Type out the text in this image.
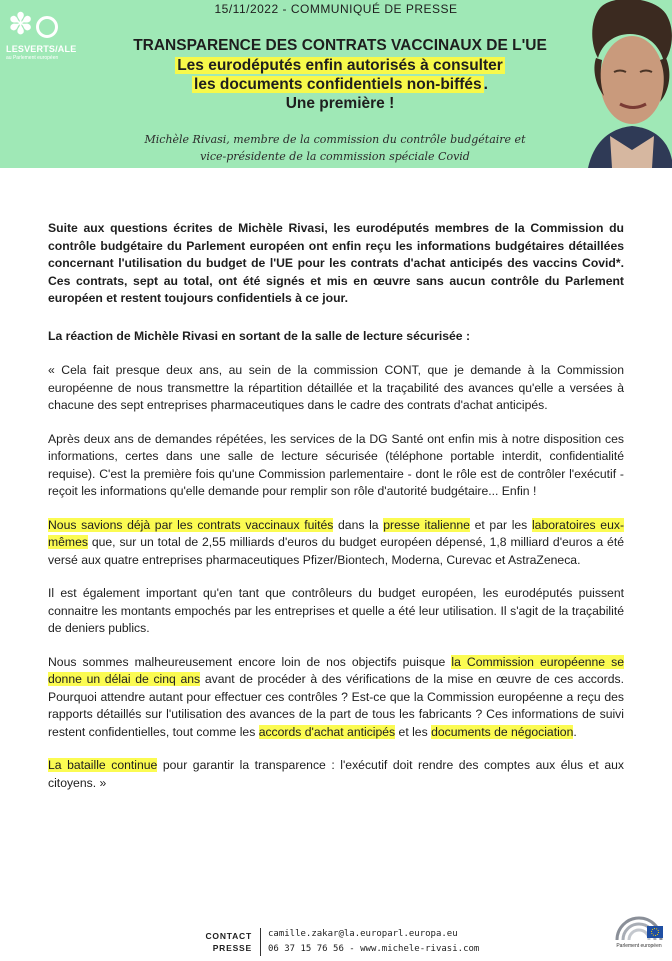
✽
LESVERTS/ALE
au Parlement européen
15/11/2022 - COMMUNIQUÉ DE PRESSE
TRANSPARENCE DES CONTRATS VACCINAUX DE L'UE
Les eurodéputés enfin autorisés à consulter
les documents confidentiels non-biffés .
Une première !
Michèle Rivasi, membre de la commission du contrôle budgétaire et
vice-présidente de la commission spéciale Covid

Suite aux questions écrites de Michèle Rivasi, les eurodéputés membres de la Commission du contrôle budgétaire du Parlement européen ont enfin reçu les informations budgétaires détaillées concernant l'utilisation du budget de l'UE pour les contrats d'achat anticipés des vaccins Covid*. Ces contrats, sept au total, ont été signés et mis en œuvre sans aucun contrôle du Parlement européen et restent toujours confidentiels à ce jour.

La réaction de Michèle Rivasi en sortant de la salle de lecture sécurisée :

« Cela fait presque deux ans, au sein de la commission CONT, que je demande à la Commission européenne de nous transmettre la répartition détaillée et la traçabilité des avances qu'elle a versées à chacune des sept entreprises pharmaceutiques dans le cadre des contrats d'achat anticipés.

Après deux ans de demandes répétées, les services de la DG Santé ont enfin mis à notre disposition ces informations, certes dans une salle de lecture sécurisée (téléphone portable interdit, confidentialité requise). C'est la première fois qu'une Commission parlementaire - dont le rôle est de contrôler l'exécutif - reçoit les informations qu'elle demande pour remplir son rôle d'autorité budgétaire... Enfin !

Nous savions déjà par les contrats vaccinaux fuités dans la presse italienne et par les laboratoires eux-mêmes que, sur un total de 2,55 milliards d'euros du budget européen dépensé, 1,8 milliard d'euros a été versé aux quatre entreprises pharmaceutiques Pfizer/Biontech, Moderna, Curevac et AstraZeneca.

Il est également important qu'en tant que contrôleurs du budget européen, les eurodéputés puissent connaitre les montants empochés par les entreprises et quelle a été leur utilisation. Il s'agit de la traçabilité de deniers publics.

Nous sommes malheureusement encore loin de nos objectifs puisque la Commission européenne se donne un délai de cinq ans avant de procéder à des vérifications de la mise en œuvre de ces accords. Pourquoi attendre autant pour effectuer ces contrôles ? Est-ce que la Commission européenne a reçu des rapports détaillés sur l'utilisation des avances de la part de tous les fabricants ? Ces informations de suivi restent confidentielles, tout comme les accords d'achat anticipés et les documents de négociation.

La bataille continue pour garantir la transparence : l'exécutif doit rendre des comptes aux élus et aux citoyens. »

CONTACT
PRESSE
camille.zakar@la.europarl.europa.eu
06 37 15 76 56 - www.michele-rivasi.com	Parlement européen
